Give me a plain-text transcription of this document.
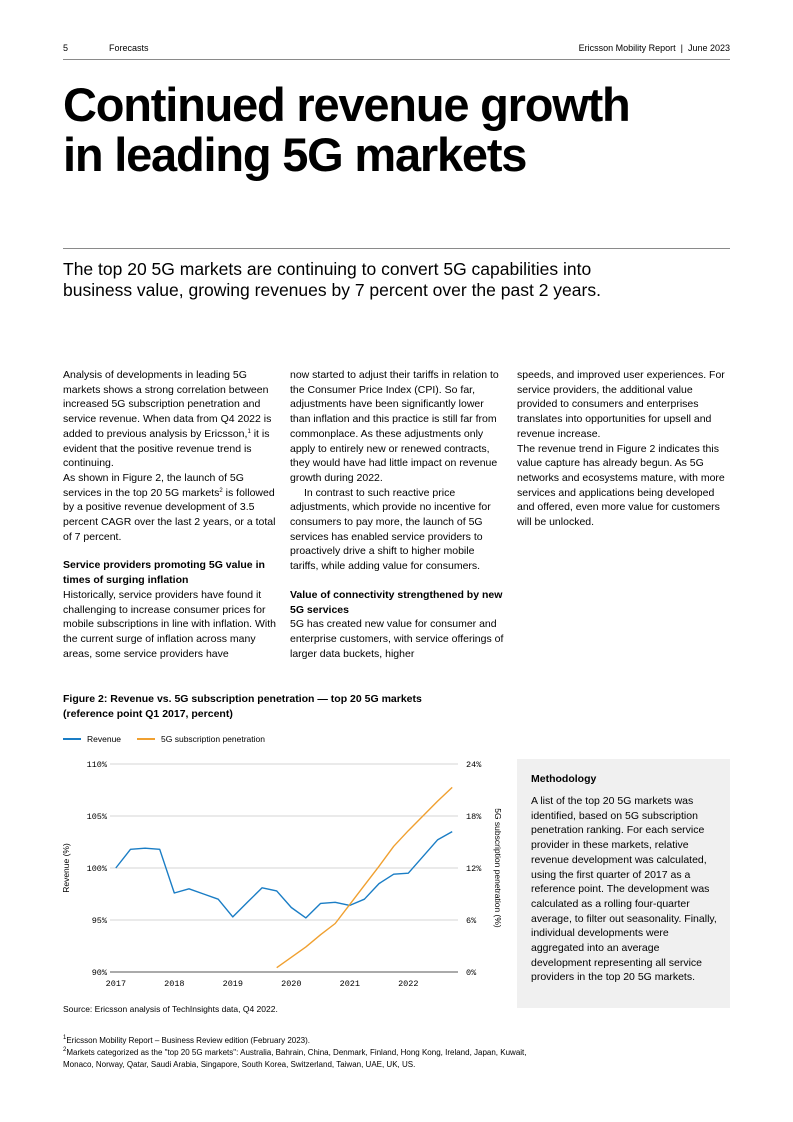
5	Forecasts	Ericsson Mobility Report  |  June 2023
Continued revenue growth
in leading 5G markets
The top 20 5G markets are continuing to convert 5G capabilities into business value, growing revenues by 7 percent over the past 2 years.

Analysis of developments in leading 5G markets shows a strong correlation between increased 5G subscription penetration and service revenue. When data from Q4 2022 is added to previous analysis by Ericsson,$^1$ it is evident that the positive revenue trend is continuing.

As shown in Figure 2, the launch of 5G services in the top 20 5G markets$^2$ is followed by a positive revenue development of 3.5 percent CAGR over the last 2 years, or a total of 7 percent.

Service providers promoting 5G value in times of surging inflation

Historically, service providers have found it challenging to increase consumer prices for mobile subscriptions in line with inflation. With the current surge of inflation across many areas, some service providers have

now started to adjust their tariffs in relation to the Consumer Price Index (CPI). So far, adjustments have been significantly lower than inflation and this practice is still far from commonplace. As these adjustments only apply to entirely new or renewed contracts, they would have had little impact on revenue growth during 2022.

In contrast to such reactive price adjustments, which provide no incentive for consumers to pay more, the launch of 5G services has enabled service providers to proactively drive a shift to higher mobile tariffs, while adding value for consumers.

Value of connectivity strengthened by new 5G services

5G has created new value for consumer and enterprise customers, with service offerings of larger data buckets, higher

speeds, and improved user experiences. For service providers, the additional value provided to consumers and enterprises translates into opportunities for upsell and revenue increase.

The revenue trend in Figure 2 indicates this value capture has already begun. As 5G networks and ecosystems mature, with more services and applications being developed and offered, even more value for customers will be unlocked.

Figure 2: Revenue vs. 5G subscription penetration — top 20 5G markets (reference point Q1 2017, percent)
Revenue	5G subscription penetration
90%	0%
95%	6%
100%	12%
105%	18%
110%	24%
2017	2018	2019	2020	2021	2022
Revenue (%)	5G subscription penetration (%)
Source: Ericsson analysis of TechInsights data, Q4 2022.
Methodology

A list of the top 20 5G markets was identified, based on 5G subscription penetration ranking. For each service provider in these markets, relative revenue development was calculated, using the first quarter of 2017 as a reference point. The development was calculated as a rolling four-quarter average, to filter out seasonality. Finally, individual developments were aggregated into an average development representing all service providers in the top 20 5G markets.

$^1$Ericsson Mobility Report – Business Review edition (February 2023).
$^2$Markets categorized as the "top 20 5G markets": Australia, Bahrain, China, Denmark, Finland, Hong Kong, Ireland, Japan, Kuwait, Monaco, Norway, Qatar, Saudi Arabia, Singapore, South Korea, Switzerland, Taiwan, UAE, UK, US.
